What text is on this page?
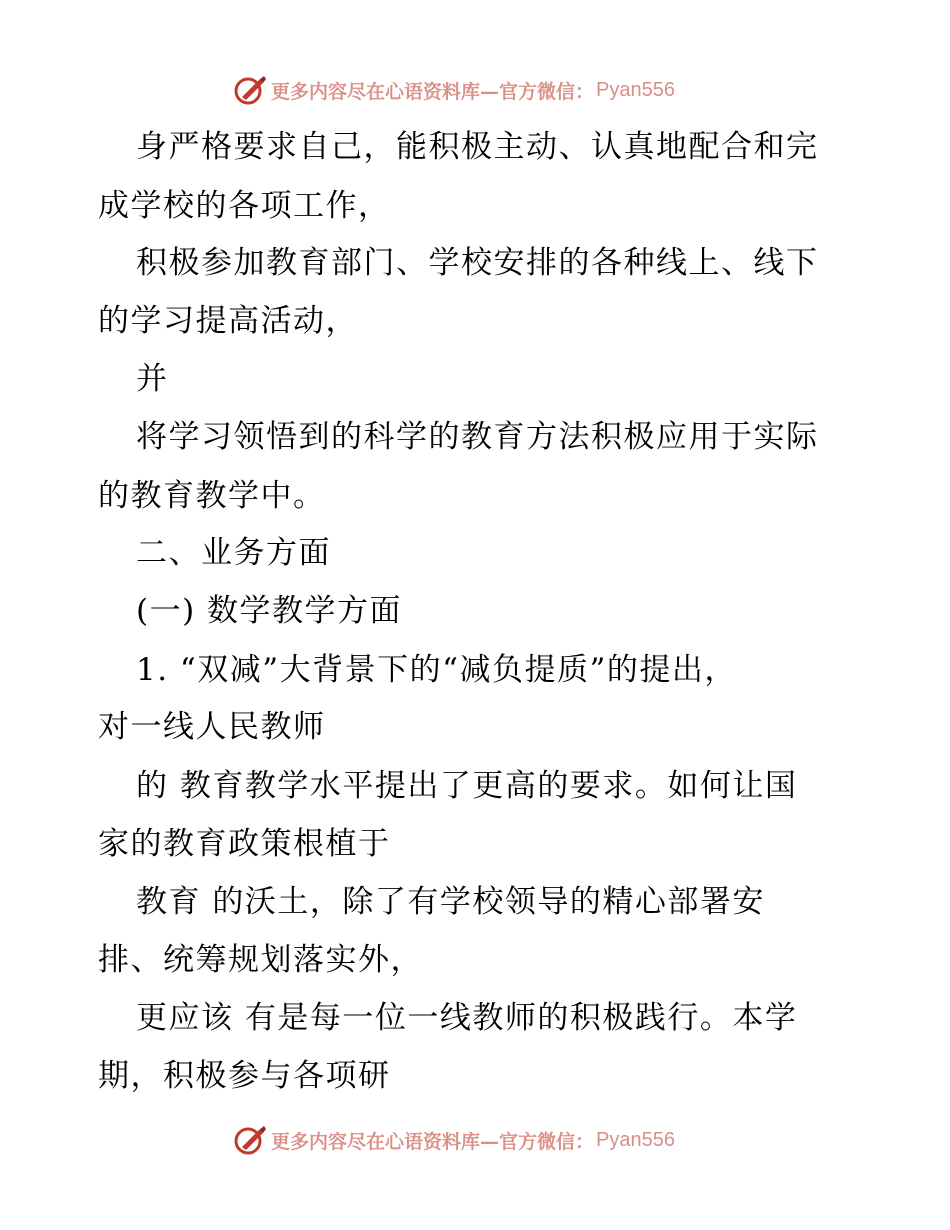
更多内容尽在心语资料库—官方微信： Pyan556
身严格要求自己，能积极主动、认真地配合和完
成学校的各项工作，
积极参加教育部门、学校安排的各种线上、线下
的学习提高活动，
并
将学习领悟到的科学的教育方法积极应用于实际
的教育教学中。
二、业务方面
(一) 数学教学方面
1. “双减”大背景下的“减负提质”的提出，
对一线人民教师
的 教育教学水平提出了更高的要求。如何让国
家的教育政策根植于
教育 的沃土，除了有学校领导的精心部署安
排、统筹规划落实外，
更应该 有是每一位一线教师的积极践行。本学
期，积极参与各项研
更多内容尽在心语资料库—官方微信： Pyan556
